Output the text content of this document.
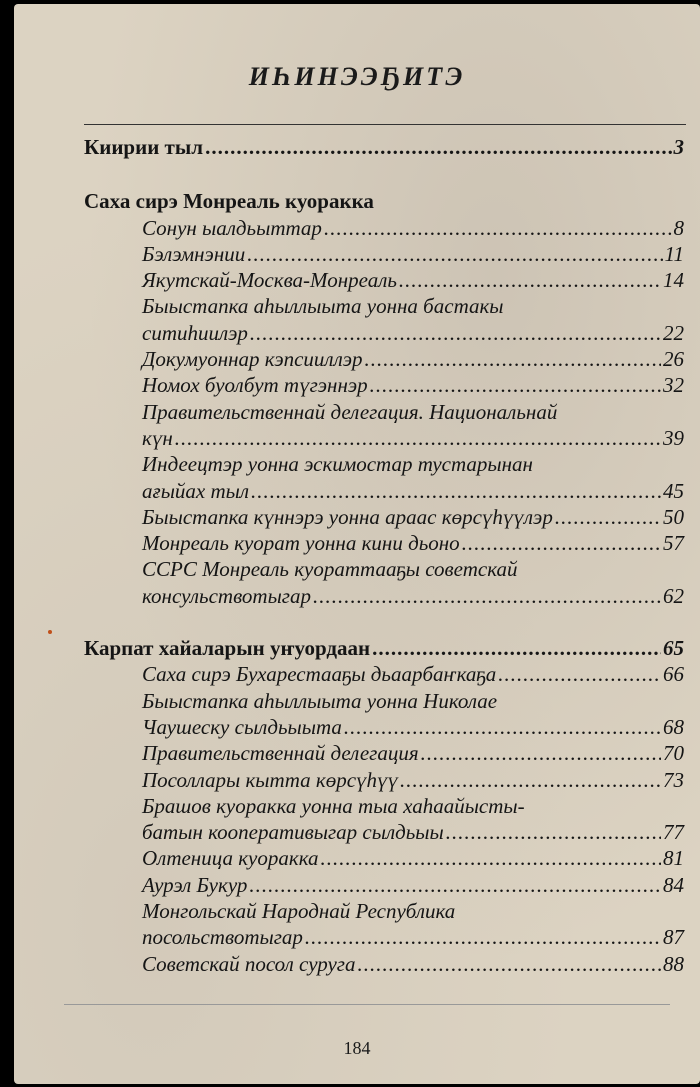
ИҺИНЭЭҔИТЭ
Киирии тыл .....	3
Саха сирэ Монреаль куоракка
Сонун ыалдьыттар .....	8
Бэлэмнэнии .....	11
Якутскай-Москва-Монреаль .....	14
Быыстапка аһыллыыта уонна бастакы
ситиһиилэр .....	22
Докумуоннар кэпсииллэр .....	26
Номох буолбут түгэннэр .....	32
Правительственнай делегация. Национальнай
күн .....	39
Индеецтэр уонна эскимостар тустарынан
ағыйах тыл .....	45
Быыстапка күннэрэ уонна араас көрсүһүүлэр .....	50
Монреаль куорат уонна кини дьоно .....	57
ССРС Монреаль куораттааҕы советскай
консульствотыгар .....	62
Карпат хайаларын уҥуордаан .....	65
Саха сирэ Бухарестааҕы дьаарбаҥкаҕа .....	66
Быыстапка аһыллыыта уонна Николае
Чаушеску сылдьыыта .....	68
Правительственнай делегация .....	70
Посоллары кытта көрсүһүү .....	73
Брашов куоракка уонна тыа хаһаайысты-
батын кооперативыгар сылдьыы .....	77
Олтеница куоракка .....	81
Аурэл Букур .....	84
Монгольскай Народнай Республика
посольствотыгар .....	87
Советскай посол суруга .....	88
184
